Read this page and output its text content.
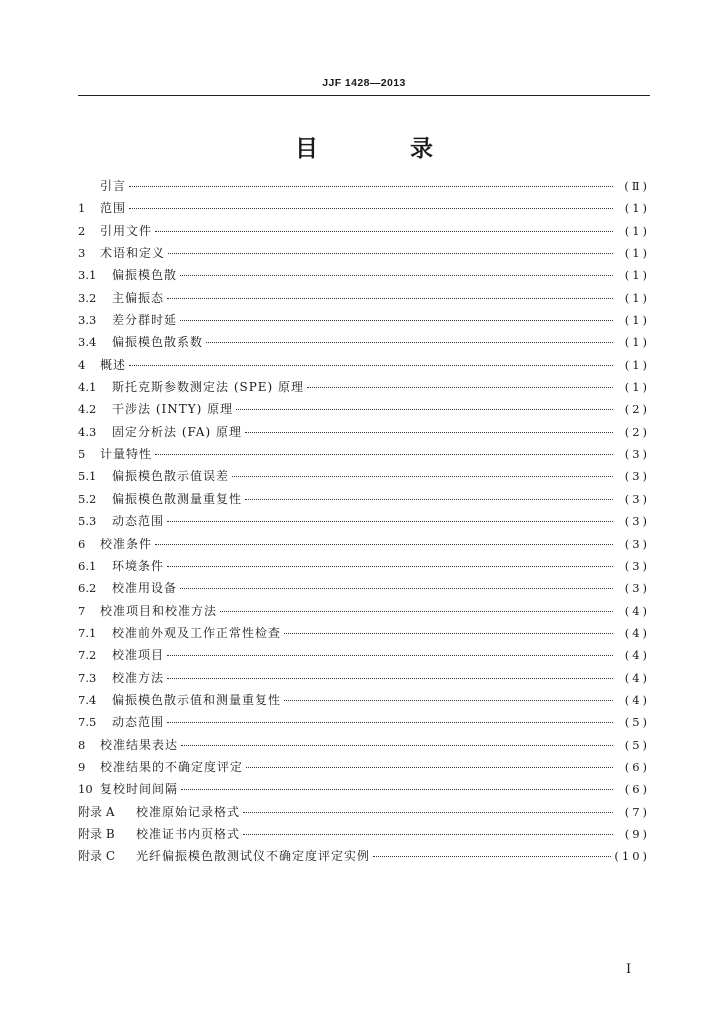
JJF 1428—2013
目 录
引言	(Ⅱ)
1	范围	(1)
2	引用文件	(1)
3	术语和定义	(1)
3.1	偏振模色散	(1)
3.2	主偏振态	(1)
3.3	差分群时延	(1)
3.4	偏振模色散系数	(1)
4	概述	(1)
4.1	斯托克斯参数测定法 (SPE) 原理	(1)
4.2	干涉法 (INTY) 原理	(2)
4.3	固定分析法 (FA) 原理	(2)
5	计量特性	(3)
5.1	偏振模色散示值误差	(3)
5.2	偏振模色散测量重复性	(3)
5.3	动态范围	(3)
6	校准条件	(3)
6.1	环境条件	(3)
6.2	校准用设备	(3)
7	校准项目和校准方法	(4)
7.1	校准前外观及工作正常性检查	(4)
7.2	校准项目	(4)
7.3	校准方法	(4)
7.4	偏振模色散示值和测量重复性	(4)
7.5	动态范围	(5)
8	校准结果表达	(5)
9	校准结果的不确定度评定	(6)
10 复校时间间隔	(6)
附录 A	校准原始记录格式	(7)
附录 B	校准证书内页格式	(9)
附录 C	光纤偏振模色散测试仪不确定度评定实例	(10)
Ⅰ
